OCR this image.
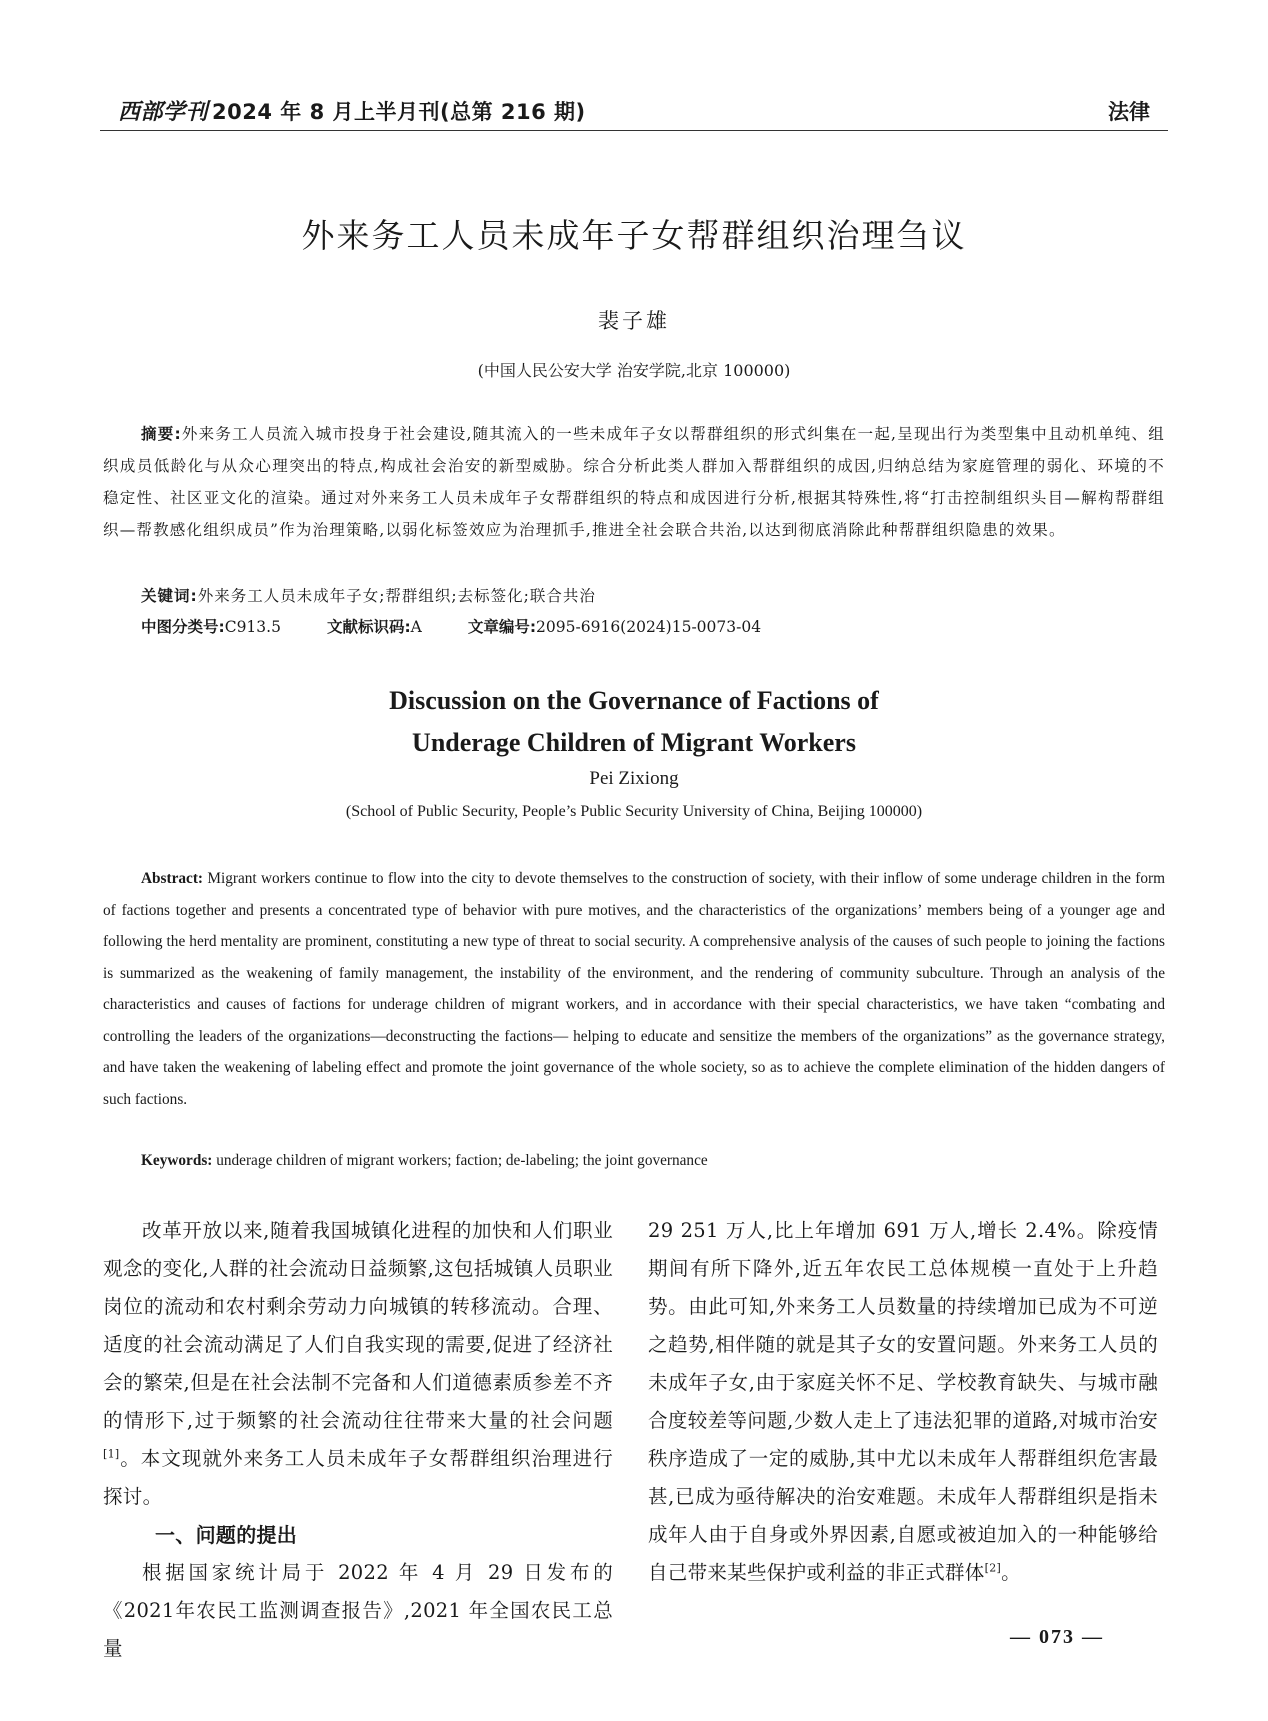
西部学刊 2024 年 8 月上半月刊(总第 216 期)	法律
外来务工人员未成年子女帮群组织治理刍议
裴子雄
(中国人民公安大学 治安学院,北京 100000)
摘要:外来务工人员流入城市投身于社会建设,随其流入的一些未成年子女以帮群组织的形式纠集在一起,呈现出行为类型集中且动机单纯、组织成员低龄化与从众心理突出的特点,构成社会治安的新型威胁。综合分析此类人群加入帮群组织的成因,归纳总结为家庭管理的弱化、环境的不稳定性、社区亚文化的渲染。通过对外来务工人员未成年子女帮群组织的特点和成因进行分析,根据其特殊性,将“打击控制组织头目—解构帮群组织—帮教感化组织成员”作为治理策略,以弱化标签效应为治理抓手,推进全社会联合共治,以达到彻底消除此种帮群组织隐患的效果。
关键词:外来务工人员未成年子女;帮群组织;去标签化;联合共治
中图分类号:C913.5	文献标识码:A	文章编号:2095-6916(2024)15-0073-04
Discussion on the Governance of Factions of
Underage Children of Migrant Workers
Pei Zixiong
(School of Public Security, People’s Public Security University of China, Beijing 100000)
Abstract: Migrant workers continue to flow into the city to devote themselves to the construction of society, with their inflow of some underage children in the form of factions together and presents a concentrated type of behavior with pure motives, and the characteristics of the organizations’ members being of a younger age and following the herd mentality are prominent, constituting a new type of threat to social security. A comprehensive analysis of the causes of such people to joining the factions is summarized as the weakening of family management, the instability of the environment, and the rendering of community subculture. Through an analysis of the characteristics and causes of factions for underage children of migrant workers, and in accordance with their special characteristics, we have taken “combating and controlling the leaders of the organizations—deconstructing the factions— helping to educate and sensitize the members of the organizations” as the governance strategy, and have taken the weakening of labeling effect and promote the joint governance of the whole society, so as to achieve the complete elimination of the hidden dangers of such factions.
Keywords: underage children of migrant workers; faction; de-labeling; the joint governance

改革开放以来,随着我国城镇化进程的加快和人们职业观念的变化,人群的社会流动日益频繁,这包括城镇人员职业岗位的流动和农村剩余劳动力向城镇的转移流动。合理、适度的社会流动满足了人们自我实现的需要,促进了经济社会的繁荣,但是在社会法制不完备和人们道德素质参差不齐的情形下,过于频繁的社会流动往往带来大量的社会问题[1]。本文现就外来务工人员未成年子女帮群组织治理进行探讨。

一、问题的提出

根据国家统计局于 2022 年 4 月 29 日发布的《2021年农民工监测调查报告》,2021 年全国农民工总量

29 251 万人,比上年增加 691 万人,增长 2.4%。除疫情期间有所下降外,近五年农民工总体规模一直处于上升趋势。由此可知,外来务工人员数量的持续增加已成为不可逆之趋势,相伴随的就是其子女的安置问题。外来务工人员的未成年子女,由于家庭关怀不足、学校教育缺失、与城市融合度较差等问题,少数人走上了违法犯罪的道路,对城市治安秩序造成了一定的威胁,其中尤以未成年人帮群组织危害最甚,已成为亟待解决的治安难题。未成年人帮群组织是指未成年人由于自身或外界因素,自愿或被迫加入的一种能够给自己带来某些保护或利益的非正式群体[2]。

— 073 —
